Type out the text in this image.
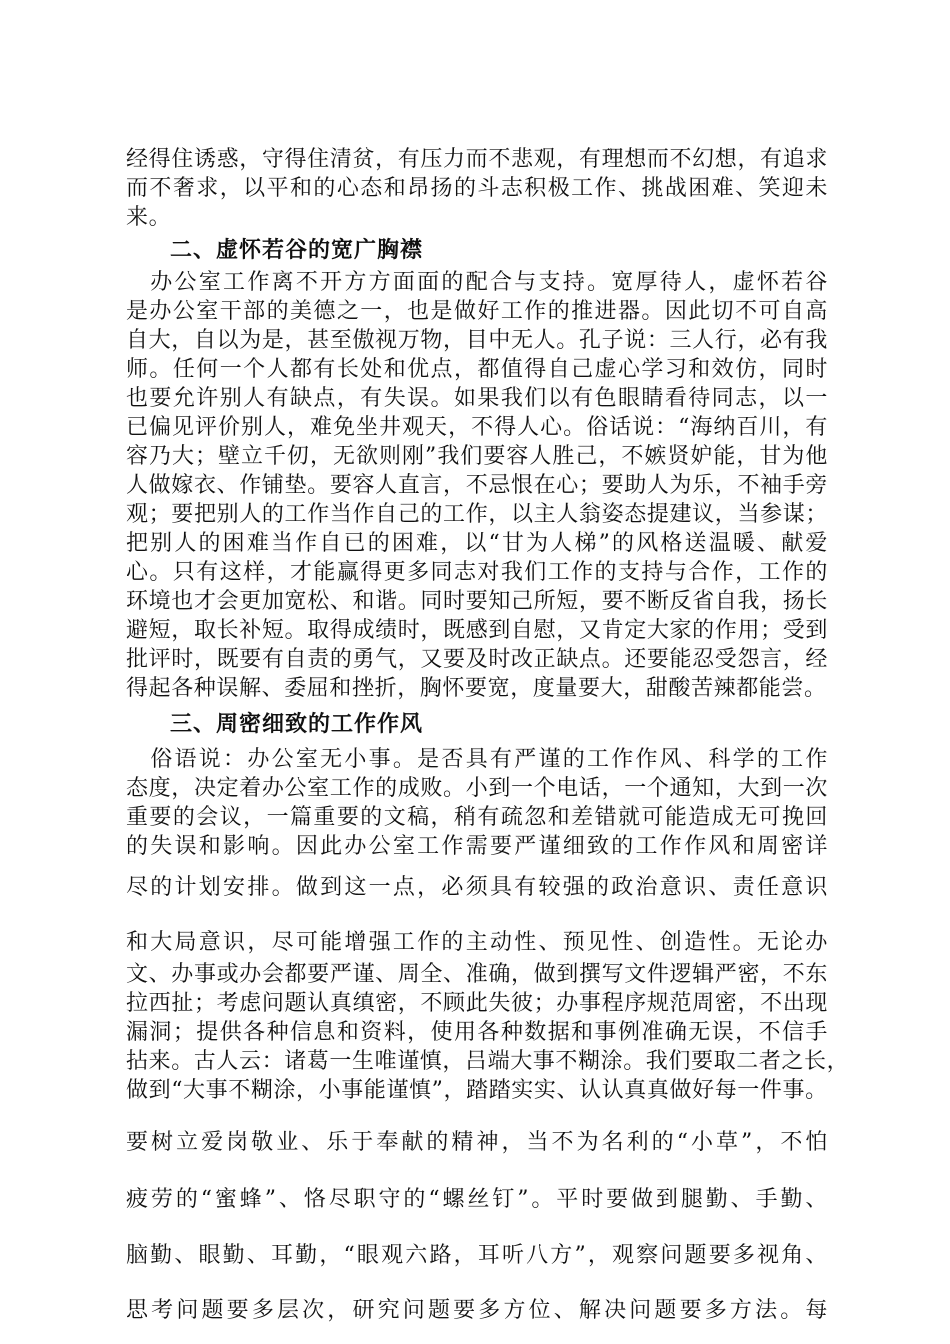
经得住诱惑，守得住清贫，有压力而不悲观，有理想而不幻想，有追求
而不奢求，以平和的心态和昂扬的斗志积极工作、挑战困难、笑迎未
来。
二、虚怀若谷的宽广胸襟
　办公室工作离不开方方面面的配合与支持。宽厚待人，虚怀若谷
是办公室干部的美德之一，也是做好工作的推进器。因此切不可自高
自大，自以为是，甚至傲视万物，目中无人。孔子说：三人行，必有我
师。任何一个人都有长处和优点，都值得自己虚心学习和效仿，同时
也要允许别人有缺点，有失误。如果我们以有色眼睛看待同志，以一
已偏见评价别人，难免坐井观天，不得人心。俗话说：“海纳百川，有
容乃大；壁立千仞，无欲则刚”我们要容人胜己，不嫉贤妒能，甘为他
人做嫁衣、作铺垫。要容人直言，不忌恨在心；要助人为乐，不袖手旁
观；要把别人的工作当作自己的工作，以主人翁姿态提建议，当参谋；
把别人的困难当作自已的困难，以“甘为人梯”的风格送温暖、献爱
心。只有这样，才能赢得更多同志对我们工作的支持与合作，工作的
环境也才会更加宽松、和谐。同时要知己所短，要不断反省自我，扬长
避短，取长补短。取得成绩时，既感到自慰，又肯定大家的作用；受到
批评时，既要有自责的勇气，又要及时改正缺点。还要能忍受怨言，经
得起各种误解、委屈和挫折，胸怀要宽，度量要大，甜酸苦辣都能尝。
三、周密细致的工作作风
　俗语说：办公室无小事。是否具有严谨的工作作风、科学的工作
态度，决定着办公室工作的成败。小到一个电话，一个通知，大到一次
重要的会议，一篇重要的文稿，稍有疏忽和差错就可能造成无可挽回
的失误和影响。因此办公室工作需要严谨细致的工作作风和周密详
尽的计划安排。做到这一点，必须具有较强的政治意识、责任意识
和大局意识，尽可能增强工作的主动性、预见性、创造性。无论办
文、办事或办会都要严谨、周全、准确，做到撰写文件逻辑严密，不东
拉西扯；考虑问题认真缜密，不顾此失彼；办事程序规范周密，不出现
漏洞；提供各种信息和资料，使用各种数据和事例准确无误，不信手
拈来。古人云：诸葛一生唯谨慎，吕端大事不糊涂。我们要取二者之长，
做到“大事不糊涂，小事能谨慎”，踏踏实实、认认真真做好每一件事。
要树立爱岗敬业、乐于奉献的精神，当不为名利的“小草”，不怕
疲劳的“蜜蜂”、恪尽职守的“螺丝钉”。平时要做到腿勤、手勤、
脑勤、眼勤、耳勤，“眼观六路，耳听八方”，观察问题要多视角、
思考问题要多层次，研究问题要多方位、解决问题要多方法。每
